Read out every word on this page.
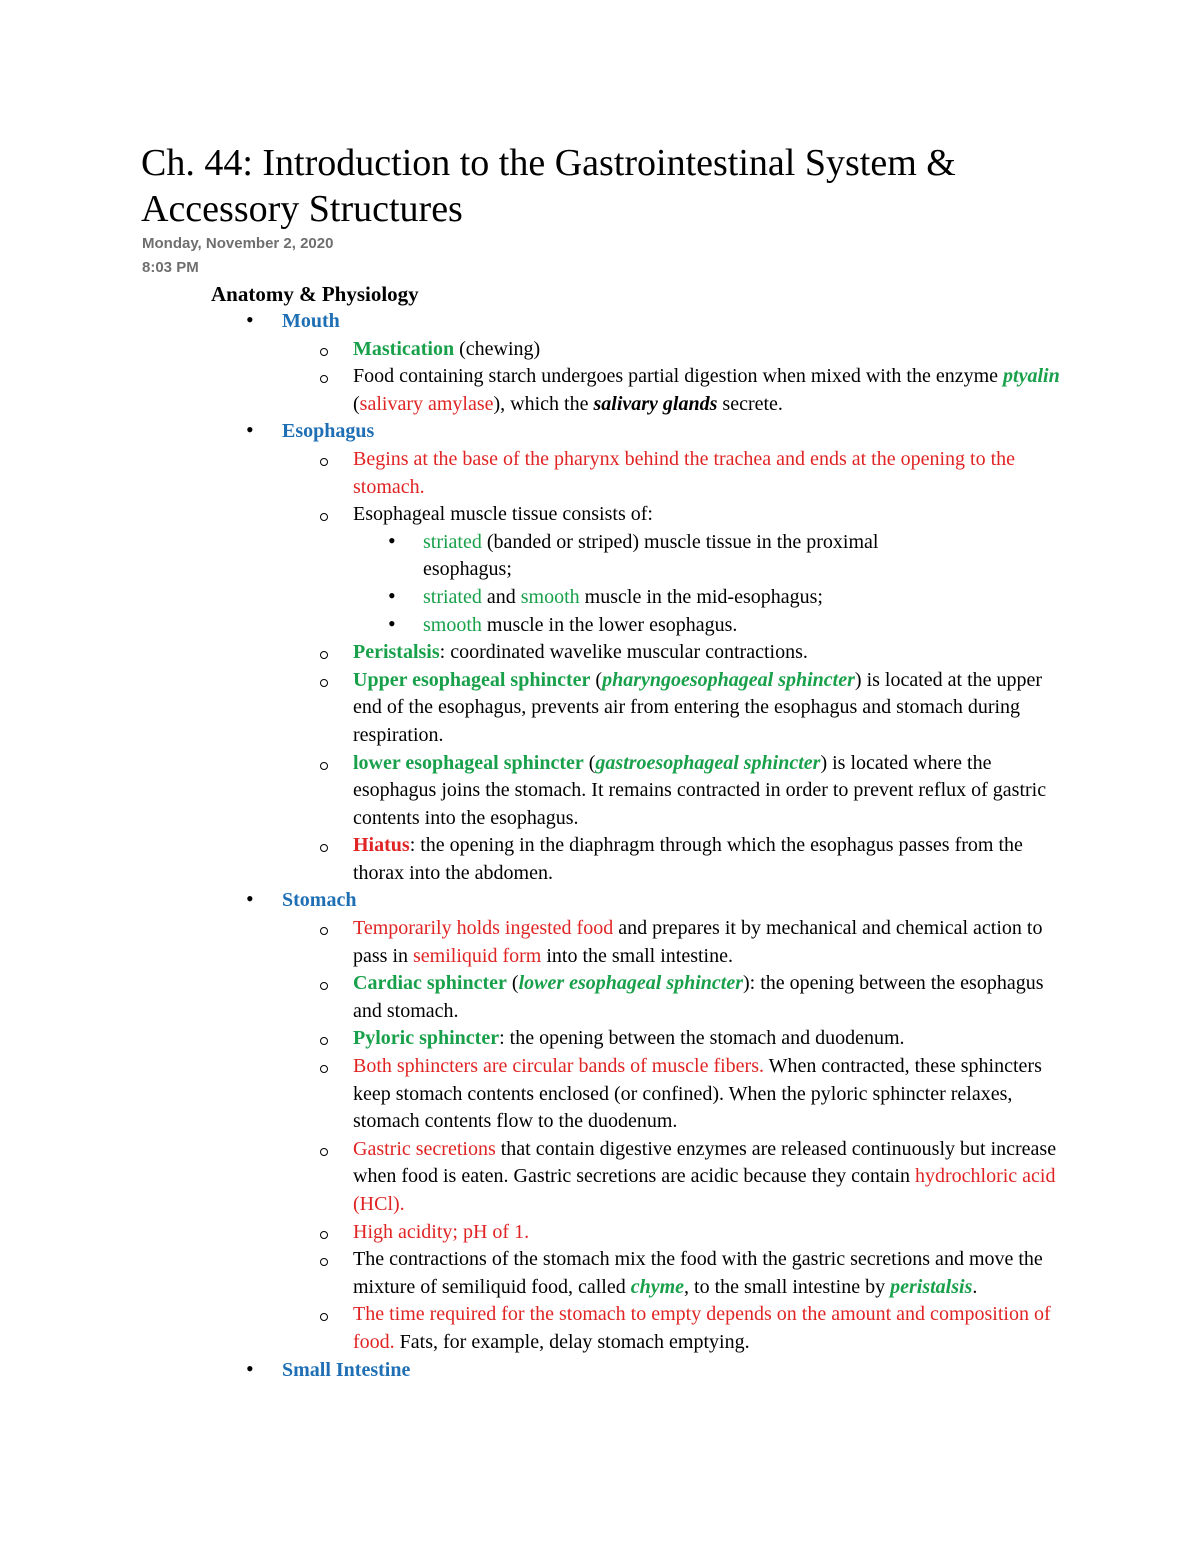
Ch. 44: Introduction to the Gastrointestinal System & Accessory Structures
Monday, November 2, 2020
8:03 PM
Anatomy & Physiology
• Mouth
Mastication (chewing)
Food containing starch undergoes partial digestion when mixed with the enzyme ptyalin (salivary amylase), which the salivary glands secrete.
• Esophagus
Begins at the base of the pharynx behind the trachea and ends at the opening to the stomach.
Esophageal muscle tissue consists of:
• striated (banded or striped) muscle tissue in the proximal esophagus;
• striated and smooth muscle in the mid-esophagus;
• smooth muscle in the lower esophagus.
Peristalsis: coordinated wavelike muscular contractions.
Upper esophageal sphincter (pharyngoesophageal sphincter) is located at the upper end of the esophagus, prevents air from entering the esophagus and stomach during respiration.
lower esophageal sphincter (gastroesophageal sphincter) is located where the esophagus joins the stomach. It remains contracted in order to prevent reflux of gastric contents into the esophagus.
Hiatus: the opening in the diaphragm through which the esophagus passes from the thorax into the abdomen.
• Stomach
Temporarily holds ingested food and prepares it by mechanical and chemical action to pass in semiliquid form into the small intestine.
Cardiac sphincter (lower esophageal sphincter): the opening between the esophagus and stomach.
Pyloric sphincter: the opening between the stomach and duodenum.
Both sphincters are circular bands of muscle fibers. When contracted, these sphincters keep stomach contents enclosed (or confined). When the pyloric sphincter relaxes, stomach contents flow to the duodenum.
Gastric secretions that contain digestive enzymes are released continuously but increase when food is eaten. Gastric secretions are acidic because they contain hydrochloric acid (HCl).
High acidity; pH of 1.
The contractions of the stomach mix the food with the gastric secretions and move the mixture of semiliquid food, called chyme, to the small intestine by peristalsis.
The time required for the stomach to empty depends on the amount and composition of food. Fats, for example, delay stomach emptying.
• Small Intestine
